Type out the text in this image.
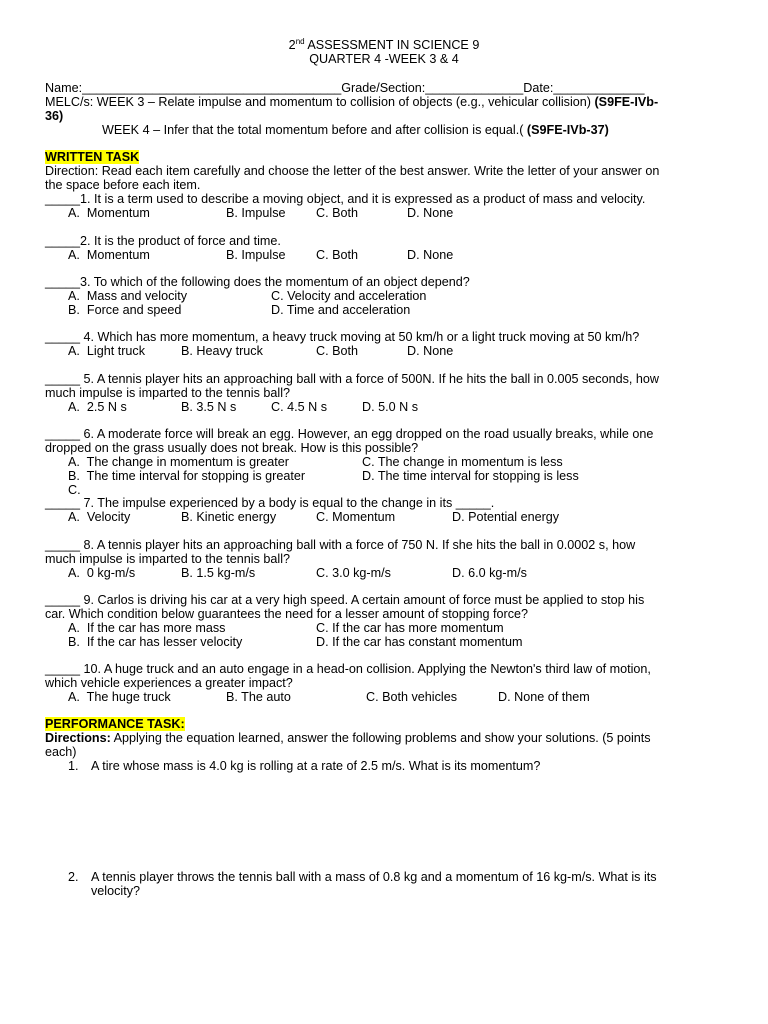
2nd ASSESSMENT IN SCIENCE 9
QUARTER 4 -WEEK 3 & 4
Name:_____________________________________Grade/Section:______________Date:_____________
MELC/s: WEEK 3 – Relate impulse and momentum to collision of objects (e.g., vehicular collision) (S9FE-IVb-
36)
WEEK 4 – Infer that the total momentum before and after collision is equal.( (S9FE-IVb-37)
WRITTEN TASK
Direction: Read each item carefully and choose the letter of the best answer. Write the letter of your answer on
the space before each item.
_____1. It is a term used to describe a moving object, and it is expressed as a product of mass and velocity.
A.  Momentum	B. Impulse C. Both	D. None
_____2. It is the product of force and time.
A.  Momentum	B. Impulse C. Both	D. None
_____3. To which of the following does the momentum of an object depend?
A.  Mass and velocity	C. Velocity and acceleration
B.  Force and speed	D. Time and acceleration
_____ 4. Which has more momentum, a heavy truck moving at 50 km/h or a light truck moving at 50 km/h?
A.  Light truck	B. Heavy truck	C. Both	D. None
_____ 5. A tennis player hits an approaching ball with a force of 500N. If he hits the ball in 0.005 seconds, how
much impulse is imparted to the tennis ball?
A.  2.5 N s	B. 3.5 N s	C. 4.5 N s	D. 5.0 N s
_____ 6. A moderate force will break an egg. However, an egg dropped on the road usually breaks, while one
dropped on the grass usually does not break. How is this possible?
A.  The change in momentum is greater	C. The change in momentum is less
B.  The time interval for stopping is greater	D. The time interval for stopping is less
C.
_____ 7. The impulse experienced by a body is equal to the change in its _____.
A.  Velocity	B. Kinetic energy	C. Momentum	D. Potential energy
_____ 8. A tennis player hits an approaching ball with a force of 750 N. If she hits the ball in 0.0002 s, how
much impulse is imparted to the tennis ball?
A.  0 kg-m/s	B. 1.5 kg-m/s	C. 3.0 kg-m/s	D. 6.0 kg-m/s
_____ 9. Carlos is driving his car at a very high speed. A certain amount of force must be applied to stop his
car. Which condition below guarantees the need for a lesser amount of stopping force?
A.  If the car has more mass	C. If the car has more momentum
B.  If the car has lesser velocity	D. If the car has constant momentum
_____ 10. A huge truck and an auto engage in a head-on collision. Applying the Newton's third law of motion,
which vehicle experiences a greater impact?
A.  The huge truck	B. The auto	C. Both vehicles	D. None of them
PERFORMANCE TASK:
Directions: Applying the equation learned, answer the following problems and show your solutions. (5 points
each)
1. A tire whose mass is 4.0 kg is rolling at a rate of 2.5 m/s. What is its momentum?
2. A tennis player throws the tennis ball with a mass of 0.8 kg and a momentum of 16 kg-m/s. What is its
velocity?
